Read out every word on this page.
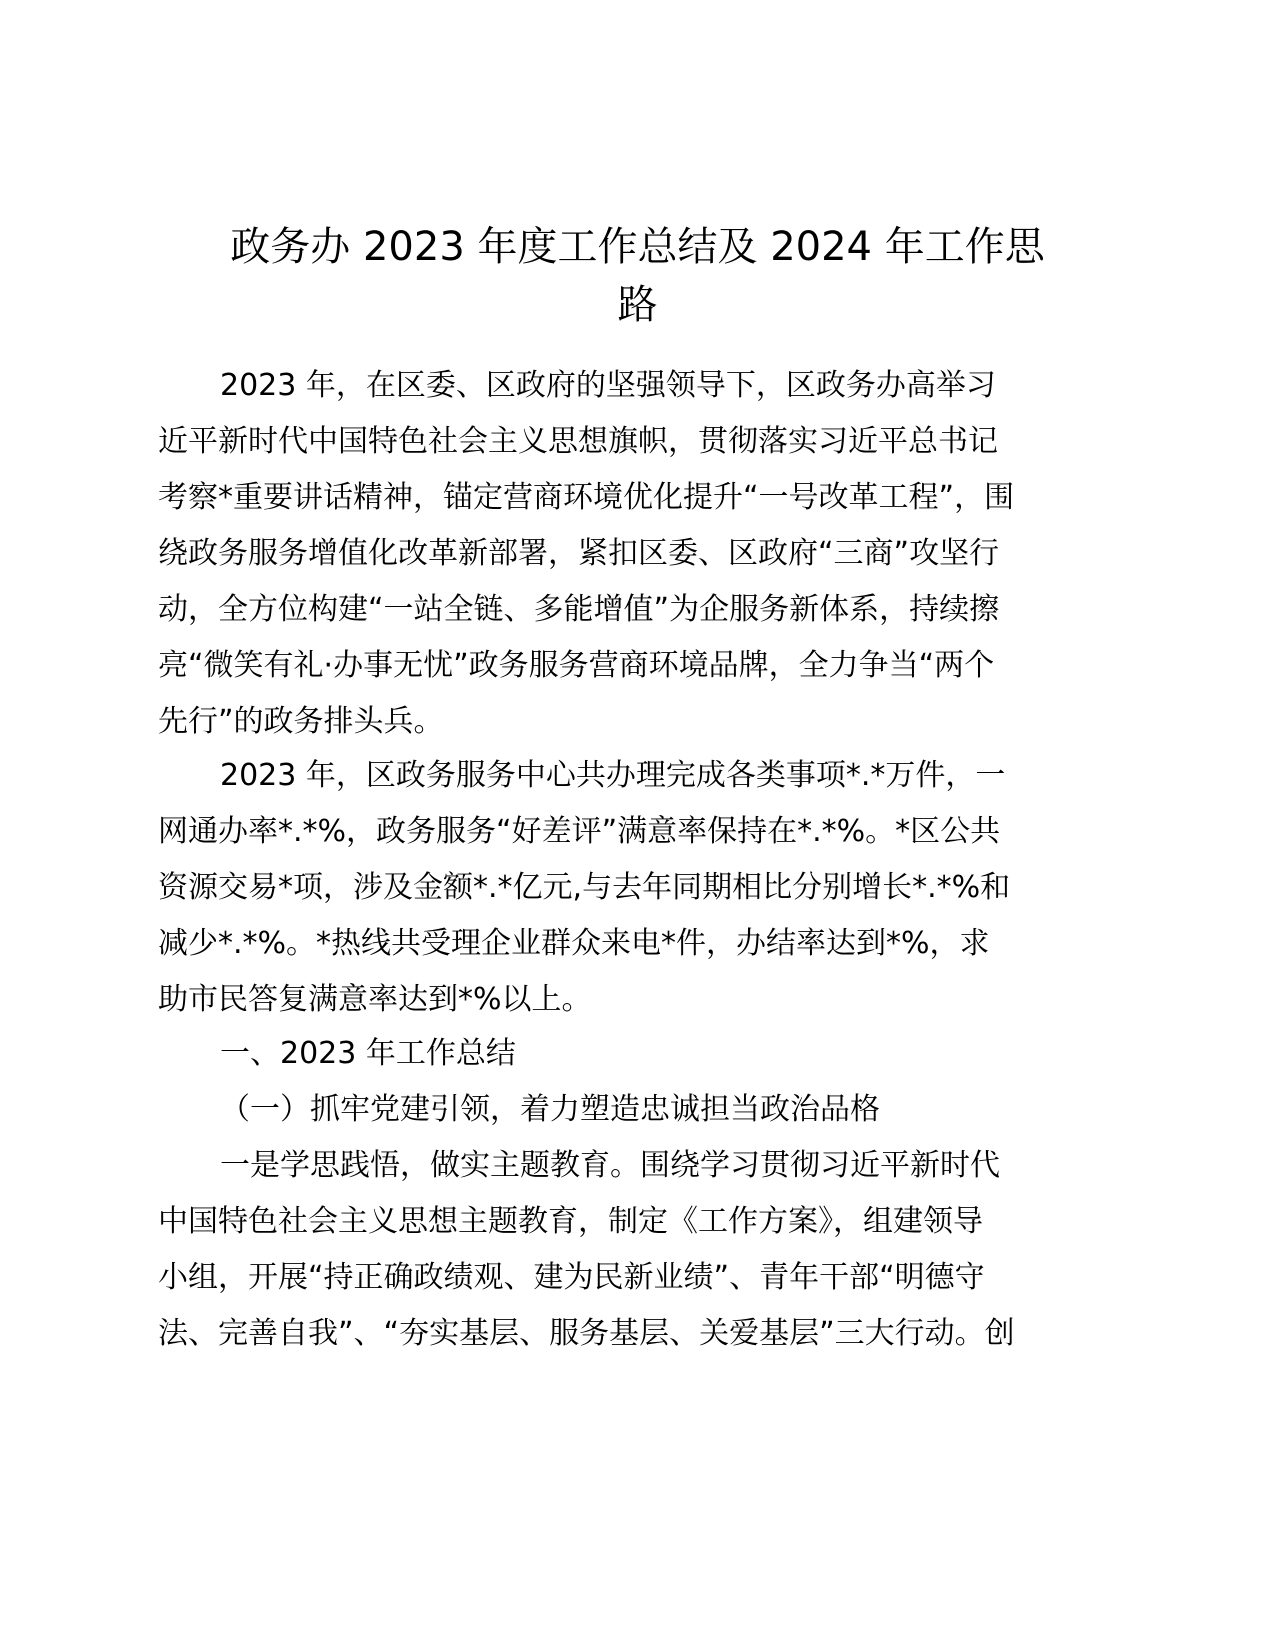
政务办 2023 年度工作总结及 2024 年工作思
路

2023 年，在区委、区政府的坚强领导下，区政务办高举习

近平新时代中国特色社会主义思想旗帜，贯彻落实习近平总书记

考察*重要讲话精神，锚定营商环境优化提升“一号改革工程”，围

绕政务服务增值化改革新部署，紧扣区委、区政府“三商”攻坚行

动，全方位构建“一站全链、多能增值”为企服务新体系，持续擦

亮“微笑有礼·办事无忧”政务服务营商环境品牌，全力争当“两个

先行”的政务排头兵。

2023 年，区政务服务中心共办理完成各类事项*.*万件，一

网通办率*.*%，政务服务“好差评”满意率保持在*.*%。*区公共

资源交易*项，涉及金额*.*亿元,与去年同期相比分别增长*.*%和

减少*.*%。*热线共受理企业群众来电*件，办结率达到*%，求

助市民答复满意率达到*%以上。

一、2023 年工作总结

（一）抓牢党建引领，着力塑造忠诚担当政治品格

一是学思践悟，做实主题教育。围绕学习贯彻习近平新时代

中国特色社会主义思想主题教育，制定《工作方案》，组建领导

小组，开展“持正确政绩观、建为民新业绩”、青年干部“明德守

法、完善自我”、“夯实基层、服务基层、关爱基层”三大行动。创
